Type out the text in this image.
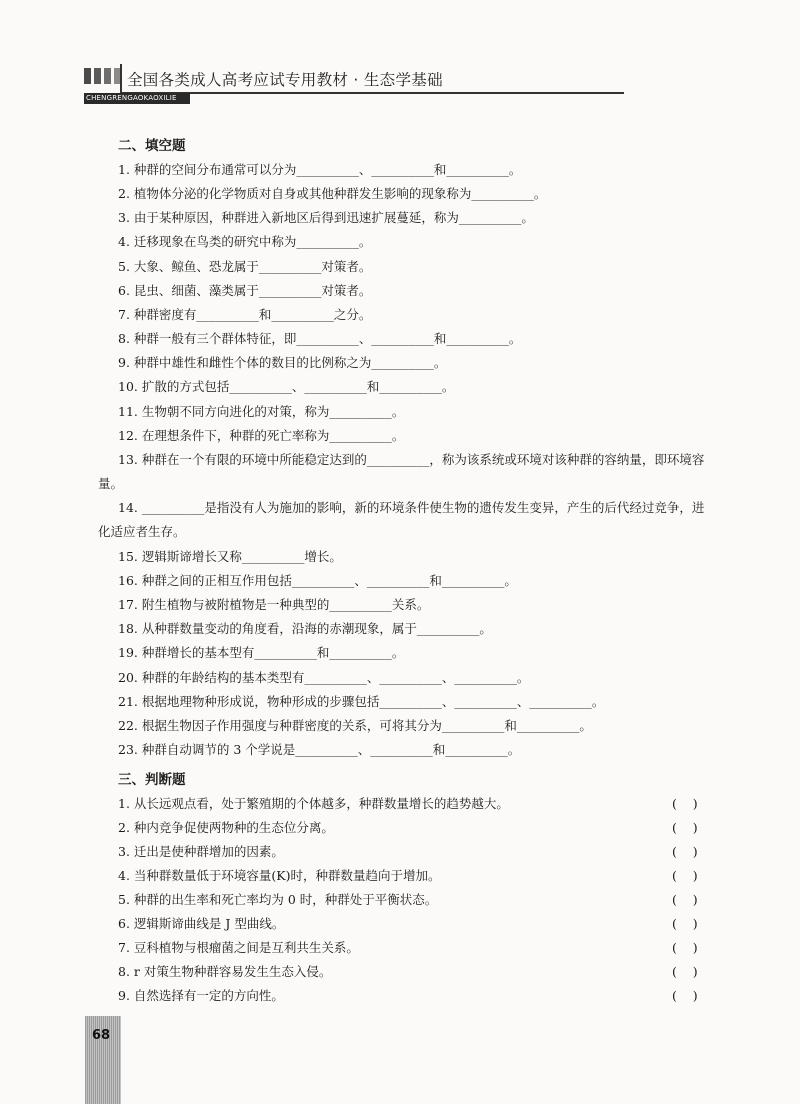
全国各类成人高考应试专用教材 · 生态学基础
CHENGRENGAOKAOXILIE
二、填空题
1. 种群的空间分布通常可以分为__________、__________和__________。
2. 植物体分泌的化学物质对自身或其他种群发生影响的现象称为__________。
3. 由于某种原因，种群进入新地区后得到迅速扩展蔓延，称为__________。
4. 迁移现象在鸟类的研究中称为__________。
5. 大象、鲸鱼、恐龙属于__________对策者。
6. 昆虫、细菌、藻类属于__________对策者。
7. 种群密度有__________和__________之分。
8. 种群一般有三个群体特征，即__________、__________和__________。
9. 种群中雄性和雌性个体的数目的比例称之为__________。
10. 扩散的方式包括__________、__________和__________。
11. 生物朝不同方向进化的对策，称为__________。
12. 在理想条件下，种群的死亡率称为__________。
13. 种群在一个有限的环境中所能稳定达到的__________，称为该系统或环境对该种群的容纳量，即环境容量。
14. __________是指没有人为施加的影响，新的环境条件使生物的遗传发生变异，产生的后代经过竞争，进化适应者生存。
15. 逻辑斯谛增长又称__________增长。
16. 种群之间的正相互作用包括__________、__________和__________。
17. 附生植物与被附植物是一种典型的__________关系。
18. 从种群数量变动的角度看，沿海的赤潮现象，属于__________。
19. 种群增长的基本型有__________和__________。
20. 种群的年龄结构的基本类型有__________、__________、__________。
21. 根据地理物种形成说，物种形成的步骤包括__________、__________、__________。
22. 根据生物因子作用强度与种群密度的关系，可将其分为__________和__________。
23. 种群自动调节的 3 个学说是__________、__________和__________。
三、判断题
1. 从长远观点看，处于繁殖期的个体越多，种群数量增长的趋势越大。	(    )
2. 种内竞争促使两物种的生态位分离。	(    )
3. 迁出是使种群增加的因素。	(    )
4. 当种群数量低于环境容量(K)时，种群数量趋向于增加。	(    )
5. 种群的出生率和死亡率均为 0 时，种群处于平衡状态。	(    )
6. 逻辑斯谛曲线是 J 型曲线。	(    )
7. 豆科植物与根瘤菌之间是互利共生关系。	(    )
8. r 对策生物种群容易发生生态入侵。	(    )
9. 自然选择有一定的方向性。	(    )
68
